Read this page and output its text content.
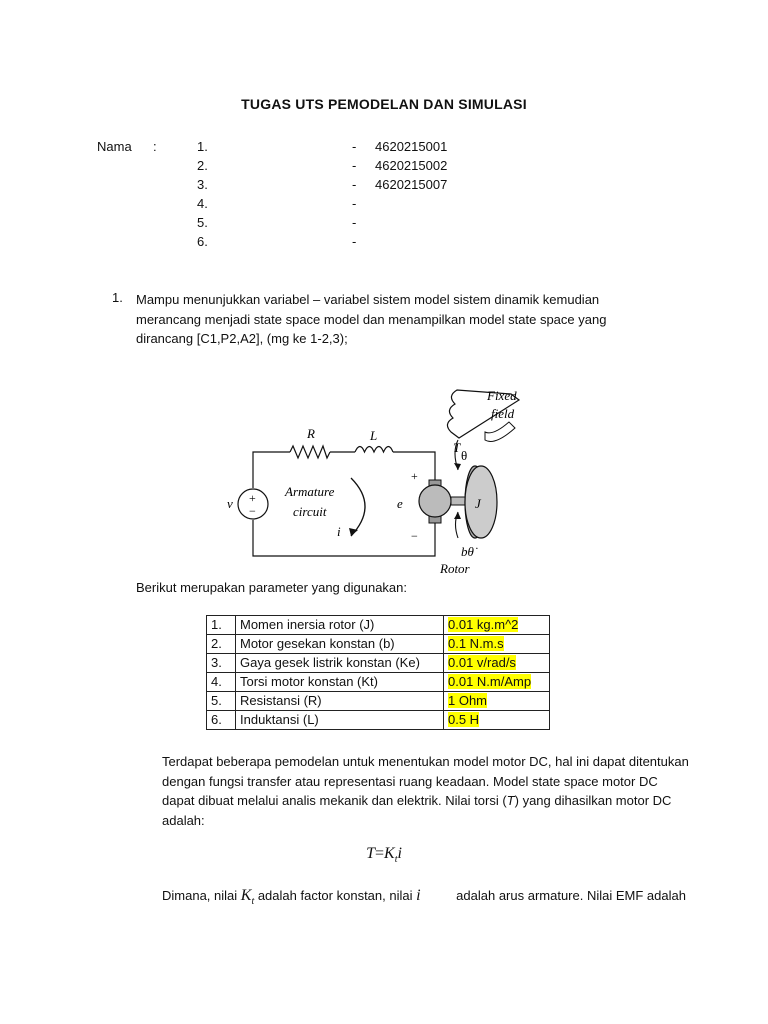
TUGAS UTS PEMODELAN DAN SIMULASI
Nama :	1.	- 4620215001
2.	- 4620215002
3.	- 4620215007
4.	-
5.	-
6.	-
1. Mampu menunjukkan variabel – variabel sistem model sistem dinamik kemudian merancang menjadi state space model dan menampilkan model state space yang dirancang [C1,P2,A2], (mg ke 1-2,3);
+
−
v
R	L
Armature
circuit
i
e
+
−
J
T
θ
bθ̇
Rotor
Fixed
field
Berikut merupakan parameter yang digunakan:
1.	Momen inersia rotor (J)	0.01 kg.m^2
2.	Motor gesekan konstan (b)	0.1 N.m.s
3.	Gaya gesek listrik konstan (Ke)	0.01 v/rad/s
4.	Torsi motor konstan (Kt)	0.01 N.m/Amp
5.	Resistansi (R)	1 Ohm
6.	Induktansi (L)	0.5 H
Terdapat beberapa pemodelan untuk menentukan model motor DC, hal ini dapat ditentukan dengan fungsi transfer atau representasi ruang keadaan. Model state space motor DC dapat dibuat melalui analis mekanik dan elektrik. Nilai torsi (T) yang dihasilkan motor DC adalah:
$T=K_ti$
Dimana, nilai $K_t$ adalah factor konstan, nilai i adalah arus armature. Nilai EMF adalah
